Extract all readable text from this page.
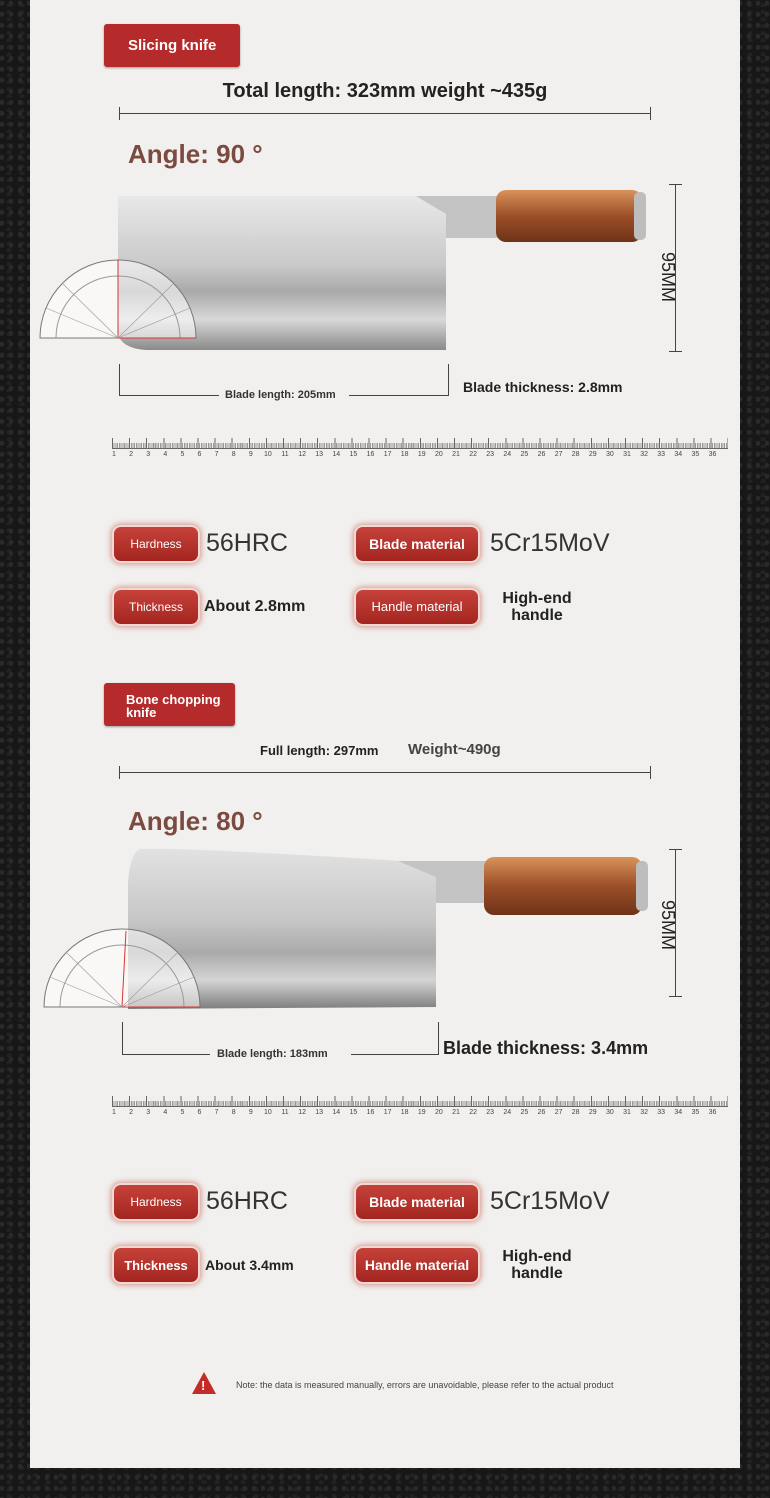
Slicing knife
Total length: 323mm weight ~435g
Angle: 90 °
95MM
Blade length: 205mm	Blade thickness: 2.8mm
1 2 3 4 5 6 7 8 9 10 11 12 13 14 15 16 17 18 19 20 21 22 23 24 25 26 27 28 29 30 31 32 33 34 35 36
Hardness 56HRC	Blade material	5Cr15MoV
Thickness	About 2.8mm	Handle material	High-end handle
Bone chopping knife
Full length: 297mm Weight~490g
Angle: 80 °
95MM
Blade length: 183mm	Blade thickness: 3.4mm
1 2 3 4 5 6 7 8 9 10 11 12 13 14 15 16 17 18 19 20 21 22 23 24 25 26 27 28 29 30 31 32 33 34 35 36
Hardness 56HRC	Blade material	5Cr15MoV
Thickness	About 3.4mm	Handle material	High-end handle
!	Note: the data is measured manually, errors are unavoidable, please refer to the actual product
